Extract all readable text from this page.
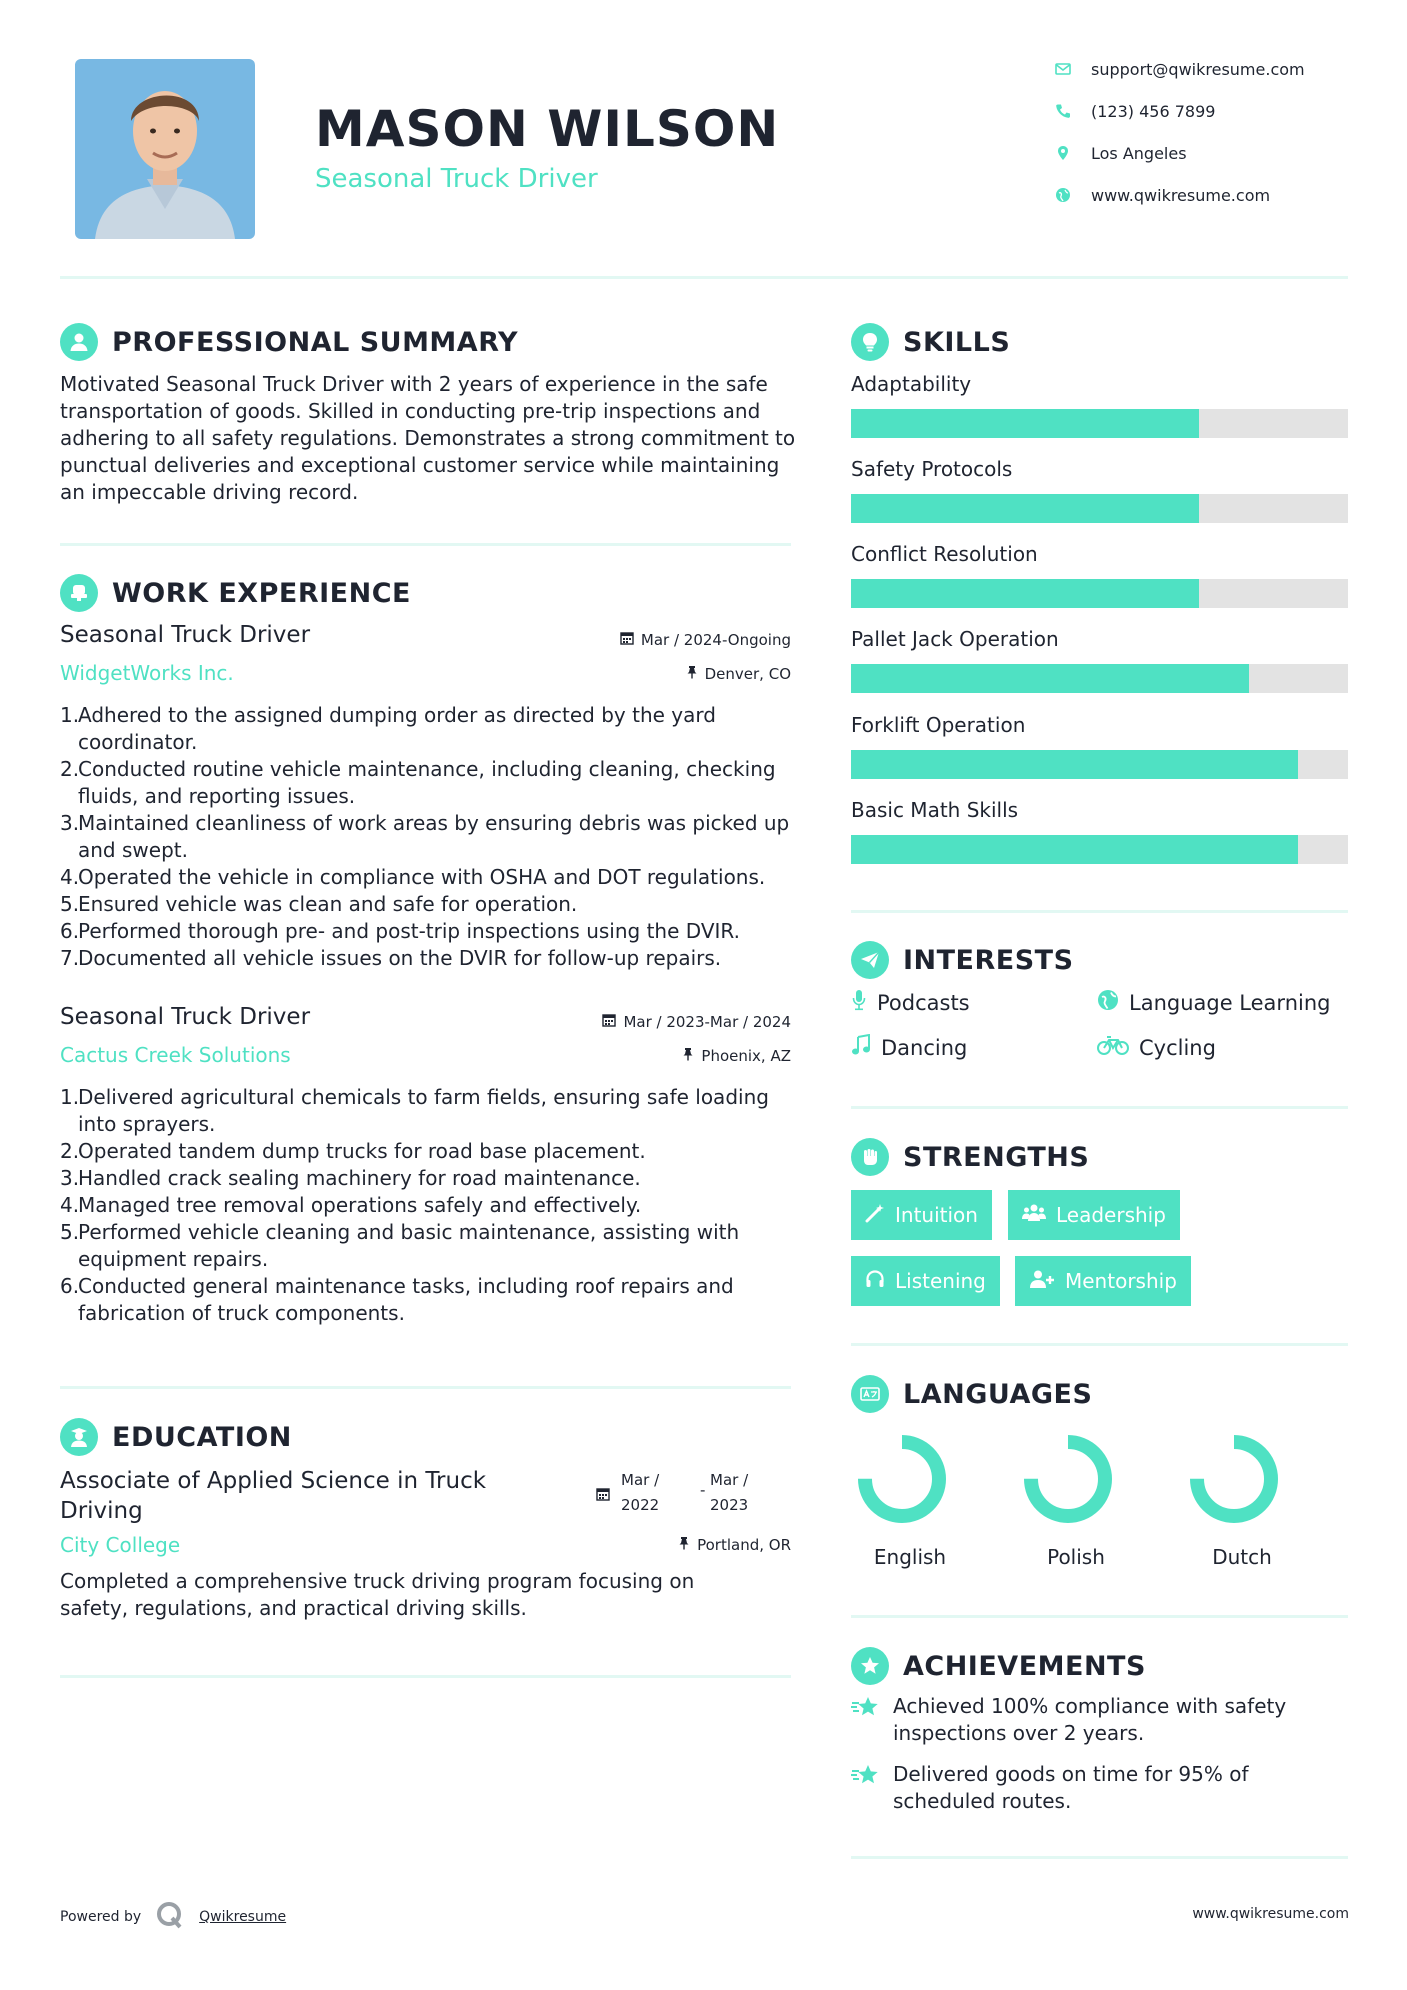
MASON WILSON
Seasonal Truck Driver
support@qwikresume.com
(123) 456 7899
Los Angeles
www.qwikresume.com
PROFESSIONAL SUMMARY
Motivated Seasonal Truck Driver with 2 years of experience in the safe transportation of goods. Skilled in conducting pre-trip inspections and adhering to all safety regulations. Demonstrates a strong commitment to punctual deliveries and exceptional customer service while maintaining an impeccable driving record.
WORK EXPERIENCE
Seasonal Truck Driver	Mar / 2024-Ongoing
WidgetWorks Inc.	Denver, CO
1.
Adhered to the assigned dumping order as directed by the yard coordinator.
2.
Conducted routine vehicle maintenance, including cleaning, checking fluids, and reporting issues.
3.
Maintained cleanliness of work areas by ensuring debris was picked up and swept.
4.
Operated the vehicle in compliance with OSHA and DOT regulations.
5.
Ensured vehicle was clean and safe for operation.
6.
Performed thorough pre- and post-trip inspections using the DVIR.
7.
Documented all vehicle issues on the DVIR for follow-up repairs.
Seasonal Truck Driver	Mar / 2023-Mar / 2024
Cactus Creek Solutions	Phoenix, AZ
1.
Delivered agricultural chemicals to farm fields, ensuring safe loading into sprayers.
2.
Operated tandem dump trucks for road base placement.
3.
Handled crack sealing machinery for road maintenance.
4.
Managed tree removal operations safely and effectively.
5.
Performed vehicle cleaning and basic maintenance, assisting with equipment repairs.
6.
Conducted general maintenance tasks, including roof repairs and fabrication of truck components.
EDUCATION
Associate of Applied Science in Truck Driving
Mar /
2022
-
Mar /
2023
City College	Portland, OR
Completed a comprehensive truck driving program focusing on safety, regulations, and practical driving skills.
SKILLS
Adaptability
Safety Protocols
Conflict Resolution
Pallet Jack Operation
Forklift Operation
Basic Math Skills
INTERESTS
Podcasts	Language Learning
Dancing	Cycling
STRENGTHS
Intuition	Leadership
Listening	Mentorship
LANGUAGES
English	Polish	Dutch
ACHIEVEMENTS
Achieved 100% compliance with safety inspections over 2 years.
Delivered goods on time for 95% of scheduled routes.
Powered by	Qwikresume	www.qwikresume.com
